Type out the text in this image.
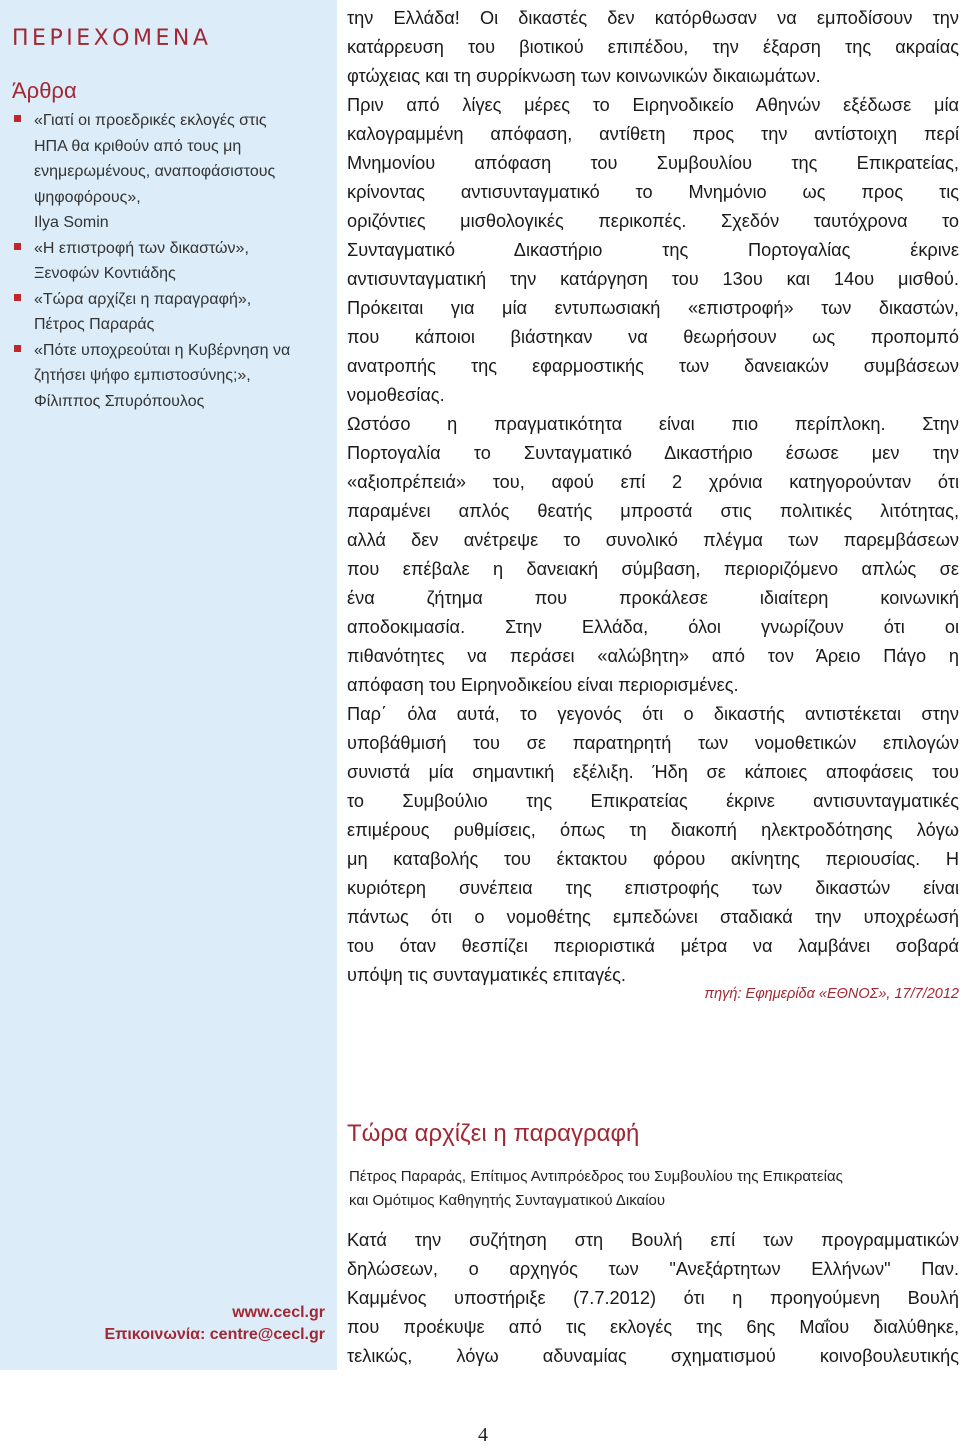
ΠΕΡΙΕΧΟΜΕΝΑ
Άρθρα
«Γιατί οι προεδρικές εκλογές στις
ΗΠΑ θα κριθούν από τους μη
ενημερωμένους, αναποφάσιστους
ψηφοφόρους»,
Ilya Somin
«Η επιστροφή των δικαστών»,
Ξενοφών Κοντιάδης
«Τώρα αρχίζει η παραγραφή»,
Πέτρος Παραράς
«Πότε υποχρεούται η Κυβέρνηση να
ζητήσει ψήφο εμπιστοσύνης;»,
Φίλιππος Σπυρόπουλος
www.cecl.gr
Επικοινωνία: centre@cecl.gr
την Ελλάδα! Οι δικαστές δεν κατόρθωσαν να εμποδίσουν την
κατάρρευση του βιοτικού επιπέδου, την έξαρση της ακραίας
φτώχειας και τη συρρίκνωση των κοινωνικών δικαιωμάτων.
Πριν από λίγες μέρες το Ειρηνοδικείο Αθηνών εξέδωσε μία
καλογραμμένη απόφαση, αντίθετη προς την αντίστοιχη περί
Μνημονίου απόφαση του Συμβουλίου της Επικρατείας,
κρίνοντας αντισυνταγματικό το Μνημόνιο ως προς τις
οριζόντιες μισθολογικές περικοπές. Σχεδόν ταυτόχρονα το
Συνταγματικό Δικαστήριο της Πορτογαλίας έκρινε
αντισυνταγματική την κατάργηση του 13ου και 14ου μισθού.
Πρόκειται για μία εντυπωσιακή «επιστροφή» των δικαστών,
που κάποιοι βιάστηκαν να θεωρήσουν ως προπομπό
ανατροπής της εφαρμοστικής των δανειακών συμβάσεων
νομοθεσίας.
Ωστόσο η πραγματικότητα είναι πιο περίπλοκη. Στην
Πορτογαλία το Συνταγματικό Δικαστήριο έσωσε μεν την
«αξιοπρέπειά» του, αφού επί 2 χρόνια κατηγορούνταν ότι
παραμένει απλός θεατής μπροστά στις πολιτικές λιτότητας,
αλλά δεν ανέτρεψε το συνολικό πλέγμα των παρεμβάσεων
που επέβαλε η δανειακή σύμβαση, περιοριζόμενο απλώς σε
ένα ζήτημα που προκάλεσε ιδιαίτερη κοινωνική
αποδοκιμασία. Στην Ελλάδα, όλοι γνωρίζουν ότι οι
πιθανότητες να περάσει «αλώβητη» από τον Άρειο Πάγο η
απόφαση του Ειρηνοδικείου είναι περιορισμένες.
Παρ΄ όλα αυτά, το γεγονός ότι ο δικαστής αντιστέκεται στην
υποβάθμισή του σε παρατηρητή των νομοθετικών επιλογών
συνιστά μία σημαντική εξέλιξη. Ήδη σε κάποιες αποφάσεις του
το Συμβούλιο της Επικρατείας έκρινε αντισυνταγματικές
επιμέρους ρυθμίσεις, όπως τη διακοπή ηλεκτροδότησης λόγω
μη καταβολής του έκτακτου φόρου ακίνητης περιουσίας. Η
κυριότερη συνέπεια της επιστροφής των δικαστών είναι
πάντως ότι ο νομοθέτης εμπεδώνει σταδιακά την υποχρέωσή
του όταν θεσπίζει περιοριστικά μέτρα να λαμβάνει σοβαρά
υπόψη τις συνταγματικές επιταγές.
πηγή: Εφημερίδα «ΕΘΝΟΣ», 17/7/2012
Τώρα αρχίζει η παραγραφή
Πέτρος Παραράς, Επίτιμος Αντιπρόεδρος του Συμβουλίου της Επικρατείας
και Ομότιμος Καθηγητής Συνταγματικού Δικαίου
Κατά την συζήτηση στη Βουλή επί των προγραμματικών
δηλώσεων, ο αρχηγός των "Ανεξάρτητων Ελλήνων" Παν.
Καμμένος υποστήριξε (7.7.2012) ότι η προηγούμενη Βουλή
που προέκυψε από τις εκλογές της 6ης Μαΐου διαλύθηκε,
τελικώς, λόγω αδυναμίας σχηματισμού κοινοβουλευτικής
4
